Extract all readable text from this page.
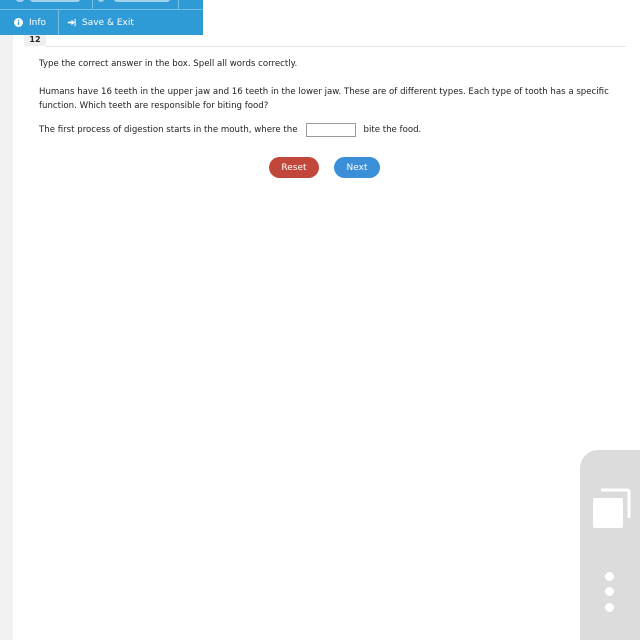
Info	Save & Exit
12
Type the correct answer in the box. Spell all words correctly.
Humans have 16 teeth in the upper jaw and 16 teeth in the lower jaw. These are of different types. Each type of tooth has a specific function. Which teeth are responsible for biting food?
The first process of digestion starts in the mouth, where the	bite the food.
Reset	Next
